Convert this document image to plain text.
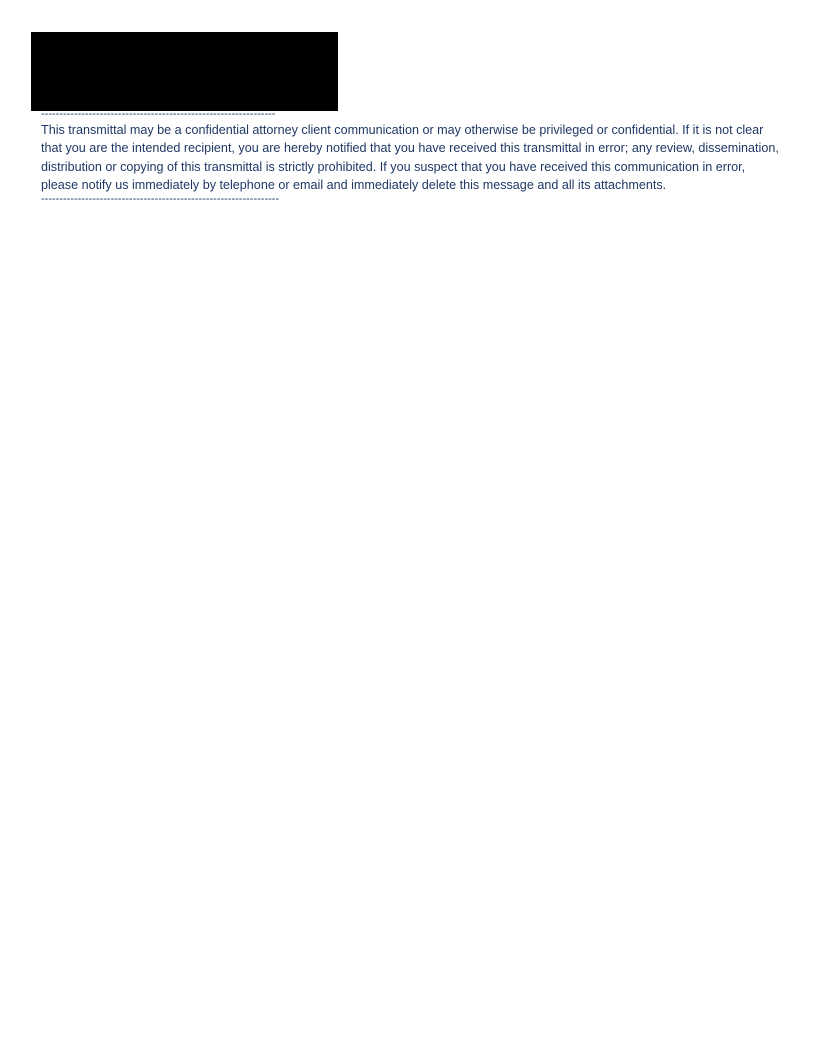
----------------------------------------------------------------

This transmittal may be a confidential attorney client communication or may otherwise be privileged or confidential. If it is not clear that you are the intended recipient, you are hereby notified that you have received this transmittal in error; any review, dissemination, distribution or copying of this transmittal is strictly prohibited. If you suspect that you have received this communication in error, please notify us immediately by telephone or email and immediately delete this message and all its attachments.

-----------------------------------------------------------------
